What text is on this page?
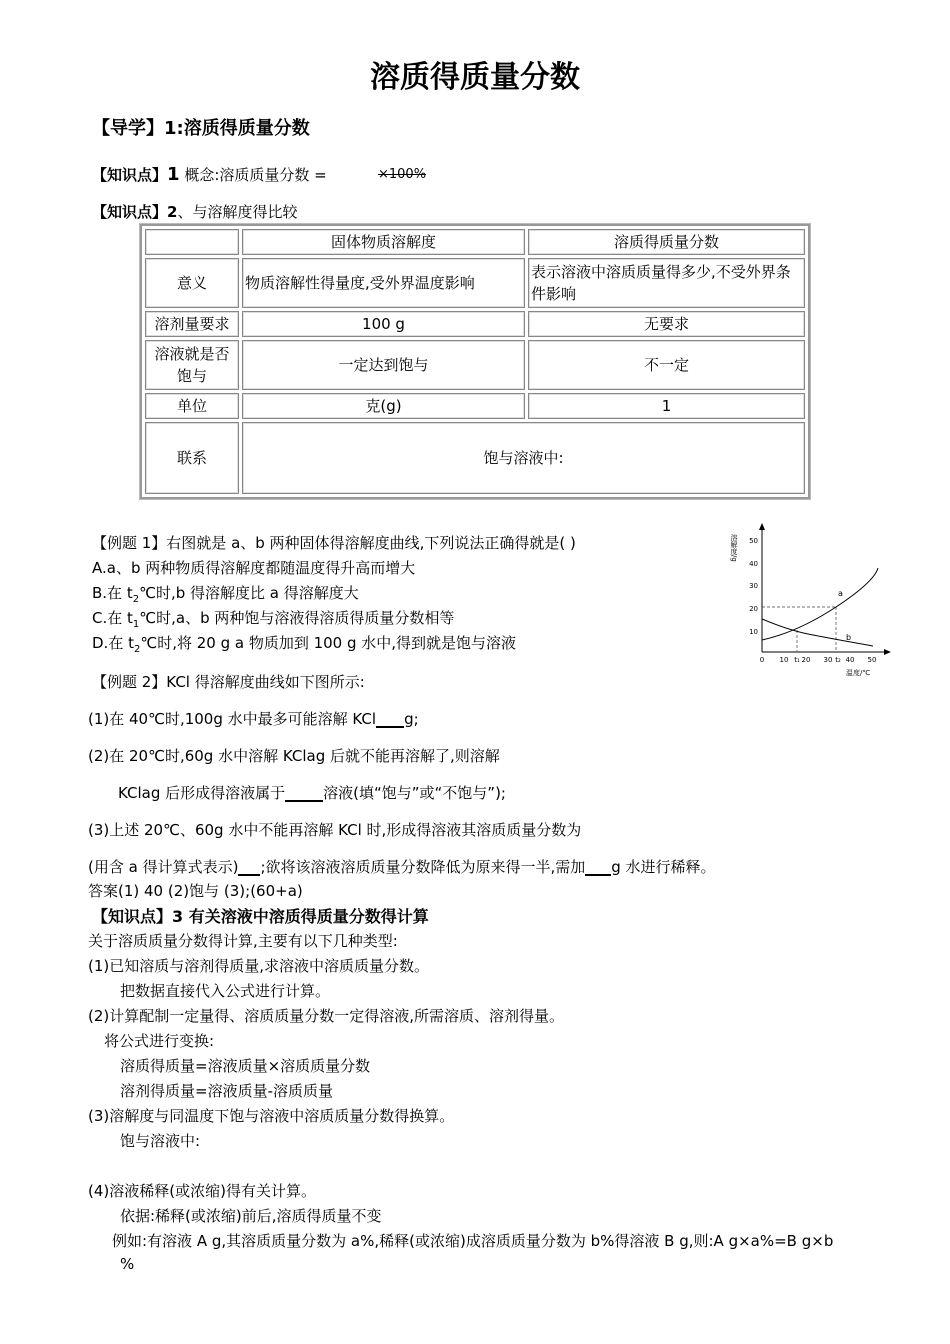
溶质得质量分数
【导学】1:溶质得质量分数
【知识点】1 概念:溶质质量分数 =	×100%
【知识点】2、与溶解度得比较
	固体物质溶解度	溶质得质量分数
意义	物质溶解性得量度,受外界温度影响	表示溶液中溶质质量得多少,不受外界条件影响
溶剂量要求	100 g	无要求
溶液就是否饱与	一定达到饱与	不一定
单位	克(g)	1
联系	饱与溶液中:	
【例题 1】右图就是 a、b 两种固体得溶解度曲线,下列说法正确得就是( )
A.a、b 两种物质得溶解度都随温度得升高而增大
B.在 $t_2℃$时,b 得溶解度比 a 得溶解度大
C.在 $t_1℃$时,a、b 两种饱与溶液得溶质得质量分数相等
D.在 $t_2℃$时,将 20 g a 物质加到 100 g 水中,得到就是饱与溶液
溶解度/g 50
40
30
20
10
0 10 t₁ 20 30 t₂ 40 50
温度/℃
a
b
【例题 2】KCl 得溶解度曲线如下图所示:
(1)在 40℃时,100g 水中最多可能溶解 KCl g;
(2)在 20℃时,60g 水中溶解 KClag 后就不能再溶解了,则溶解
KClag 后形成得溶液属于	溶液(填“饱与”或“不饱与”);
(3)上述 20℃、60g 水中不能再溶解 KCl 时,形成得溶液其溶质质量分数为
(用含 a 得计算式表示) ;欲将该溶液溶质质量分数降低为原来得一半,需加 g 水进行稀释。
答案(1) 40 (2)饱与 (3);(60+a)
【知识点】3 有关溶液中溶质得质量分数得计算
关于溶质质量分数得计算,主要有以下几种类型:
(1)已知溶质与溶剂得质量,求溶液中溶质质量分数。
把数据直接代入公式进行计算。
(2)计算配制一定量得、溶质质量分数一定得溶液,所需溶质、溶剂得量。
将公式进行变换:
溶质得质量=溶液质量×溶质质量分数
溶剂得质量=溶液质量-溶质质量
(3)溶解度与同温度下饱与溶液中溶质质量分数得换算。
饱与溶液中:
(4)溶液稀释(或浓缩)得有关计算。
依据:稀释(或浓缩)前后,溶质得质量不变
例如:有溶液 A g,其溶质质量分数为 a%,稀释(或浓缩)成溶质质量分数为 b%得溶液 B g,则:A g×a%=B g×b
%
